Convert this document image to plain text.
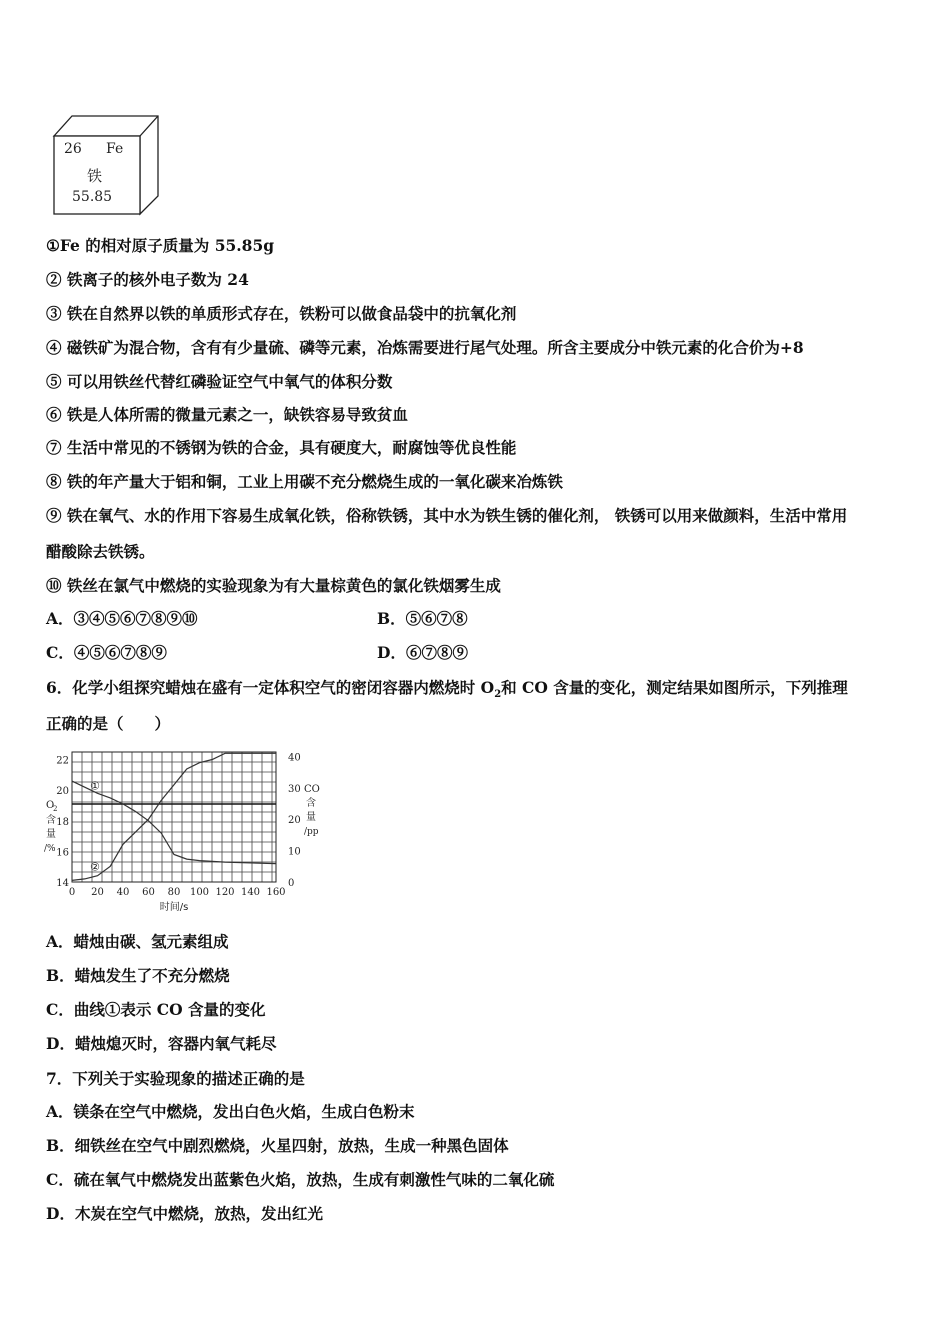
26 Fe
铁
55.85
①Fe 的相对原子质量为 55.85g
② 铁离子的核外电子数为 24
③ 铁在自然界以铁的单质形式存在，铁粉可以做食品袋中的抗氧化剂
④ 磁铁矿为混合物，含有有少量硫、磷等元素，冶炼需要进行尾气处理。所含主要成分中铁元素的化合价为+8
⑤ 可以用铁丝代替红磷验证空气中氧气的体积分数
⑥ 铁是人体所需的微量元素之一，缺铁容易导致贫血
⑦ 生活中常见的不锈钢为铁的合金，具有硬度大，耐腐蚀等优良性能
⑧ 铁的年产量大于铝和铜，工业上用碳不充分燃烧生成的一氧化碳来冶炼铁
⑨ 铁在氧气、水的作用下容易生成氧化铁，俗称铁锈，其中水为铁生锈的催化剂， 铁锈可以用来做颜料，生活中常用
醋酸除去铁锈。
⑩ 铁丝在氯气中燃烧的实验现象为有大量棕黄色的氯化铁烟雾生成
A．③④⑤⑥⑦⑧⑨⑩	B．⑤⑥⑦⑧
C．④⑤⑥⑦⑧⑨	D．⑥⑦⑧⑨
6．化学小组探究蜡烛在盛有一定体积空气的密闭容器内燃烧时 $O_2$和 CO 含量的变化，测定结果如图所示，下列推理
正确的是（　　）
0 20 40 60 80 100 120 140 160
14
16
18
20
22
0
10
20
30
40
时间/s
O
2
含
量
/%
CO
含
量
/pp
①
②
A．蜡烛由碳、氢元素组成
B．蜡烛发生了不充分燃烧
C．曲线①表示 CO 含量的变化
D．蜡烛熄灭时，容器内氧气耗尽
7．下列关于实验现象的描述正确的是
A．镁条在空气中燃烧，发出白色火焰，生成白色粉末
B．细铁丝在空气中剧烈燃烧，火星四射，放热，生成一种黑色固体
C．硫在氧气中燃烧发出蓝紫色火焰，放热，生成有刺激性气味的二氧化硫
D．木炭在空气中燃烧，放热，发出红光
